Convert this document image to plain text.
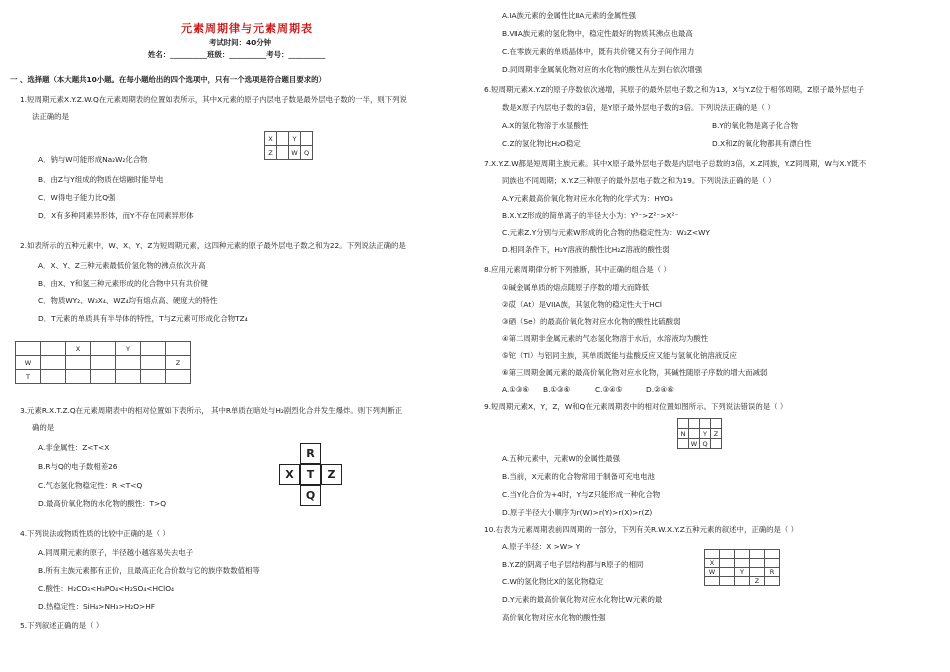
元素周期律与元素周期表
考试时间：40分钟
姓名：__________班级：__________考号：__________
一 、选择题（本大题共10小题。在每小题给出的四个选项中，只有一个选项是符合题目要求的）
1.短周期元素X.Y.Z.W.Q在元素周期表的位置如表所示，其中X元素的原子内层电子数是最外层电子数的一半，则下列说
法正确的是
X		Y	
Z		W	Q
A．钠与W可能形成Na₂W₂化合物
B．由Z与Y组成的物质在熔融时能导电
C．W得电子能力比Q强
D．X有多种同素异形体，而Y不存在同素异形体
2.如表所示的五种元素中，W、X、Y、Z为短周期元素，这四种元素的原子最外层电子数之和为22。下列说法正确的是
A．X、Y、Z三种元素最低价氢化物的沸点依次升高
B．由X、Y和氢三种元素形成的化合物中只有共价键
C．物质WY₂、W₃X₄、WZ₄均有熔点高、硬度大的特性
D．T元素的单质具有半导体的特性，T与Z元素可形成化合物TZ₄
		X		Y		
W						Z
T						
3.元素R.X.T.Z.Q在元素周期表中的相对位置如下表所示， 其中R单质在暗处与H₂剧烈化合并发生爆炸。则下列判断正
确的是
A.非金属性：Z<T<X
B.R与Q的电子数相差26
C.气态氢化物稳定性：R <T<Q
D.最高价氧化物的水化物的酸性：T>Q
R
X	T	Z
Q
4.下列说法或物质性质的比较中正确的是（ ）
A.同周期元素的原子，半径越小越容易失去电子
B.所有主族元素都有正价，且最高正化合价数与它的族序数数值相等
C.酸性：H₂CO₃<H₃PO₄<H₂SO₄<HClO₄
D.热稳定性：SiH₄>NH₃>H₂O>HF
5.下列叙述正确的是（ ）
A.ⅠA族元素的金属性比ⅡA元素的金属性强
B.ⅦA族元素的氢化物中，稳定性最好的物质其沸点也最高
C.在零族元素的单质晶体中，既有共价键又有分子间作用力
D.同周期非金属氧化物对应的水化物的酸性从左到右依次增强
6.短周期元素X.Y.Z的原子序数依次递增，其原子的最外层电子数之和为13，X与Y.Z位于相邻周期，Z原子最外层电子
数是X原子内层电子数的3倍，是Y原子最外层电子数的3倍。下列说法正确的是（ ）
A.X的氢化物溶于水显酸性	B.Y的氧化物是离子化合物
C.Z的氢化物比H₂O稳定	D.X和Z的氧化物都具有漂白性
7.X.Y.Z.W都是短周期主族元素。其中X原子最外层电子数是内层电子总数的3倍，X.Z同族，Y.Z同周期，W与X.Y既不
同族也不同周期；X.Y.Z三种原子的最外层电子数之和为19。下列说法正确的是（ ）
A.Y元素最高价氧化物对应水化物的化学式为：HYO₃
B.X.Y.Z形成的简单离子的半径大小为：Y³⁻>Z²⁻>X²⁻
C.元素Z.Y分别与元素W形成的化合物的热稳定性为：W₂Z<WY
D.相同条件下，H₂Y溶液的酸性比H₂Z溶液的酸性弱
8.应用元素周期律分析下列推断，其中正确的组合是（ ）
①碱金属单质的熔点随原子序数的增大而降低
②砹（At）是VIIA族，其氢化物的稳定性大于HCl
③硒（Se）的最高价氧化物对应水化物的酸性比硫酸弱
④第二周期非金属元素的气态氢化物溶于水后，水溶液均为酸性
⑤铊（Tl）与铝同主族，其单质既能与盐酸反应又能与氢氧化钠溶液反应
⑥第三周期金属元素的最高价氧化物对应水化物，其碱性随原子序数的增大而减弱
A.①③⑥ B.①③⑥	C.③④⑤	D.②④⑥
9.短周期元素X，Y，Z，W和Q在元素周期表中的相对位置如图所示。下列说法错误的是（ ）

N		Y	Z
	W	Q	
A.五种元素中，元素W的金属性最强
B.当前，X元素的化合物常用于制备可充电电池
C.当Y化合价为+4时，Y与Z只能形成一种化合物
D.原子半径大小顺序为r(W)>r(Y)>r(X)>r(Z)
10.右表为元素周期表前四周期的一部分，下列有关R.W.X.Y.Z五种元素的叙述中，正确的是（ ）

X				
W		Y		R
			Z	
A.原子半径：X >W> Y
B.Y.Z的阴离子电子层结构都与R原子的相同
C.W的氢化物比X的氢化物稳定
D.Y元素的最高价氧化物对应水化物比W元素的最
高价氧化物对应水化物的酸性强
